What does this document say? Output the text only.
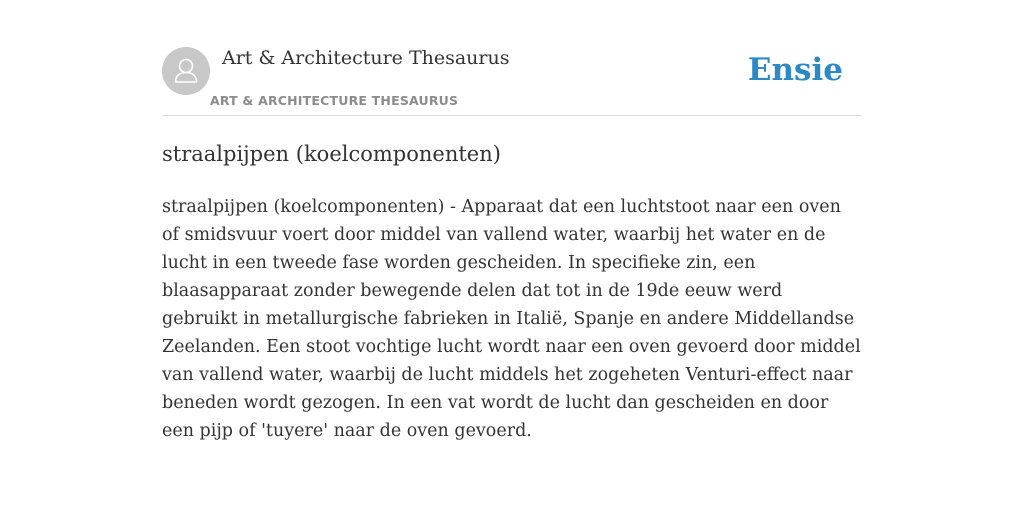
Art & Architecture Thesaurus
ART & ARCHITECTURE THESAURUS
Ensie
straalpijpen (koelcomponenten)

straalpijpen (koelcomponenten) - Apparaat dat een luchtstoot naar een oven of smidsvuur voert door middel van vallend water, waarbij het water en de lucht in een tweede fase worden gescheiden. In specifieke zin, een blaasapparaat zonder bewegende delen dat tot in de 19de eeuw werd gebruikt in metallurgische fabrieken in Italië, Spanje en andere Middellandse Zeelanden. Een stoot vochtige lucht wordt naar een oven gevoerd door middel van vallend water, waarbij de lucht middels het zogeheten Venturi-effect naar beneden wordt gezogen. In een vat wordt de lucht dan gescheiden en door een pijp of 'tuyere' naar de oven gevoerd.
